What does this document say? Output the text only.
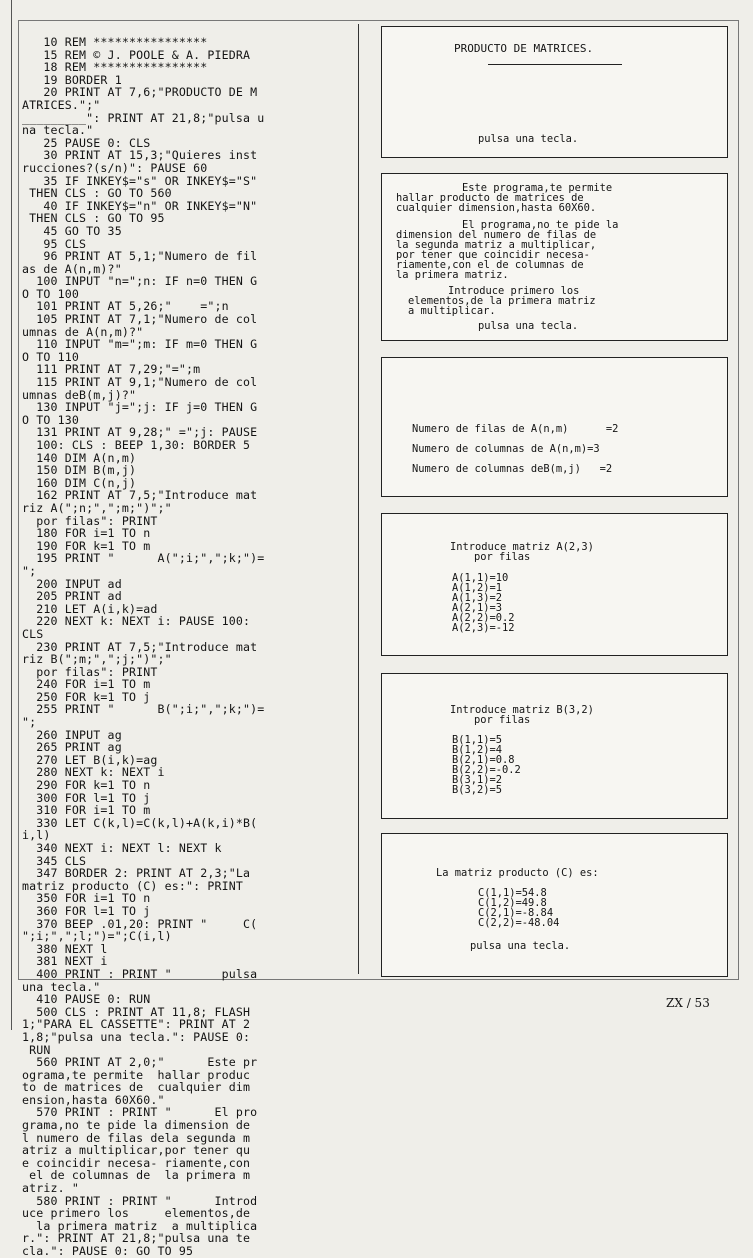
10 REM ****************
15 REM © J. POOLE & A. PIEDRA
18 REM ****************
19 BORDER 1
20 PRINT AT 7,6;"PRODUCTO DE M
ATRICES.";"
_________": PRINT AT 21,8;"pulsa u
na tecla."
25 PAUSE 0: CLS
30 PRINT AT 15,3;"Quieres inst
rucciones?(s/n)": PAUSE 60
35 IF INKEY$="s" OR INKEY$="S"
THEN CLS : GO TO 560
40 IF INKEY$="n" OR INKEY$="N"
THEN CLS : GO TO 95
45 GO TO 35
95 CLS
96 PRINT AT 5,1;"Numero de fil
as de A(n,m)?"
100 INPUT "n=";n: IF n=0 THEN G
O TO 100
101 PRINT AT 5,26;"    =";n
105 PRINT AT 7,1;"Numero de col
umnas de A(n,m)?"
110 INPUT "m=";m: IF m=0 THEN G
O TO 110
111 PRINT AT 7,29;"=";m
115 PRINT AT 9,1;"Numero de col
umnas deB(m,j)?"
130 INPUT "j=";j: IF j=0 THEN G
O TO 130
131 PRINT AT 9,28;" =";j: PAUSE
100: CLS : BEEP 1,30: BORDER 5
140 DIM A(n,m)
150 DIM B(m,j)
160 DIM C(n,j)
162 PRINT AT 7,5;"Introduce mat
riz A(";n;",";m;")";"
por filas": PRINT
180 FOR i=1 TO n
190 FOR k=1 TO m
195 PRINT "      A(";i;",";k;")=
";
200 INPUT ad
205 PRINT ad
210 LET A(i,k)=ad
220 NEXT k: NEXT i: PAUSE 100:
CLS
230 PRINT AT 7,5;"Introduce mat
riz B(";m;",";j;")";"
por filas": PRINT
240 FOR i=1 TO m
250 FOR k=1 TO j
255 PRINT "      B(";i;",";k;")=
";
260 INPUT ag
265 PRINT ag
270 LET B(i,k)=ag
280 NEXT k: NEXT i
290 FOR k=1 TO n
300 FOR l=1 TO j
310 FOR i=1 TO m
330 LET C(k,l)=C(k,l)+A(k,i)*B(
i,l)
340 NEXT i: NEXT l: NEXT k
345 CLS
347 BORDER 2: PRINT AT 2,3;"La
matriz producto (C) es:": PRINT
350 FOR i=1 TO n
360 FOR l=1 TO j
370 BEEP .01,20: PRINT "     C(
";i;",";l;")=";C(i,l)
380 NEXT l
381 NEXT i
400 PRINT : PRINT "       pulsa
una tecla."
410 PAUSE 0: RUN
500 CLS : PRINT AT 11,8; FLASH
1;"PARA EL CASSETTE": PRINT AT 2
1,8;"pulsa una tecla.": PAUSE 0:
RUN
560 PRINT AT 2,0;"      Este pr
ograma,te permite  hallar produc
to de matrices de  cualquier dim
ension,hasta 60X60."
570 PRINT : PRINT "      El pro
grama,no te pide la dimension de
l numero de filas dela segunda m
atriz a multiplicar,por tener qu
e coincidir necesa- riamente,con
el de columnas de  la primera m
atriz. "
580 PRINT : PRINT "      Introd
uce primero los     elementos,de
la primera matriz  a multiplica
r.": PRINT AT 21,8;"pulsa una te
cla.": PAUSE 0: GO TO 95
PRODUCTO DE MATRICES.
pulsa una tecla.
Este programa,te permite
hallar producto de matrices de
cualquier dimension,hasta 60X60.
El programa,no te pide la
dimension del numero de filas de
la segunda matriz a multiplicar,
por tener que coincidir necesa-
riamente,con el de columnas de
la primera matriz.
Introduce primero los
elementos,de la primera matriz
a multiplicar.
pulsa una tecla.
Numero de filas de A(n,m)      =2
Numero de columnas de A(n,m)=3
Numero de columnas deB(m,j)   =2
Introduce matriz A(2,3)
por filas
A(1,1)=10
A(1,2)=1
A(1,3)=2
A(2,1)=3
A(2,2)=0.2
A(2,3)=-12
Introduce matriz B(3,2)
por filas
B(1,1)=5
B(1,2)=4
B(2,1)=0.8
B(2,2)=-0.2
B(3,1)=2
B(3,2)=5
La matriz producto (C) es:
C(1,1)=54.8
C(1,2)=49.8
C(2,1)=-8.84
C(2,2)=-48.04
pulsa una tecla.
ZX / 53
